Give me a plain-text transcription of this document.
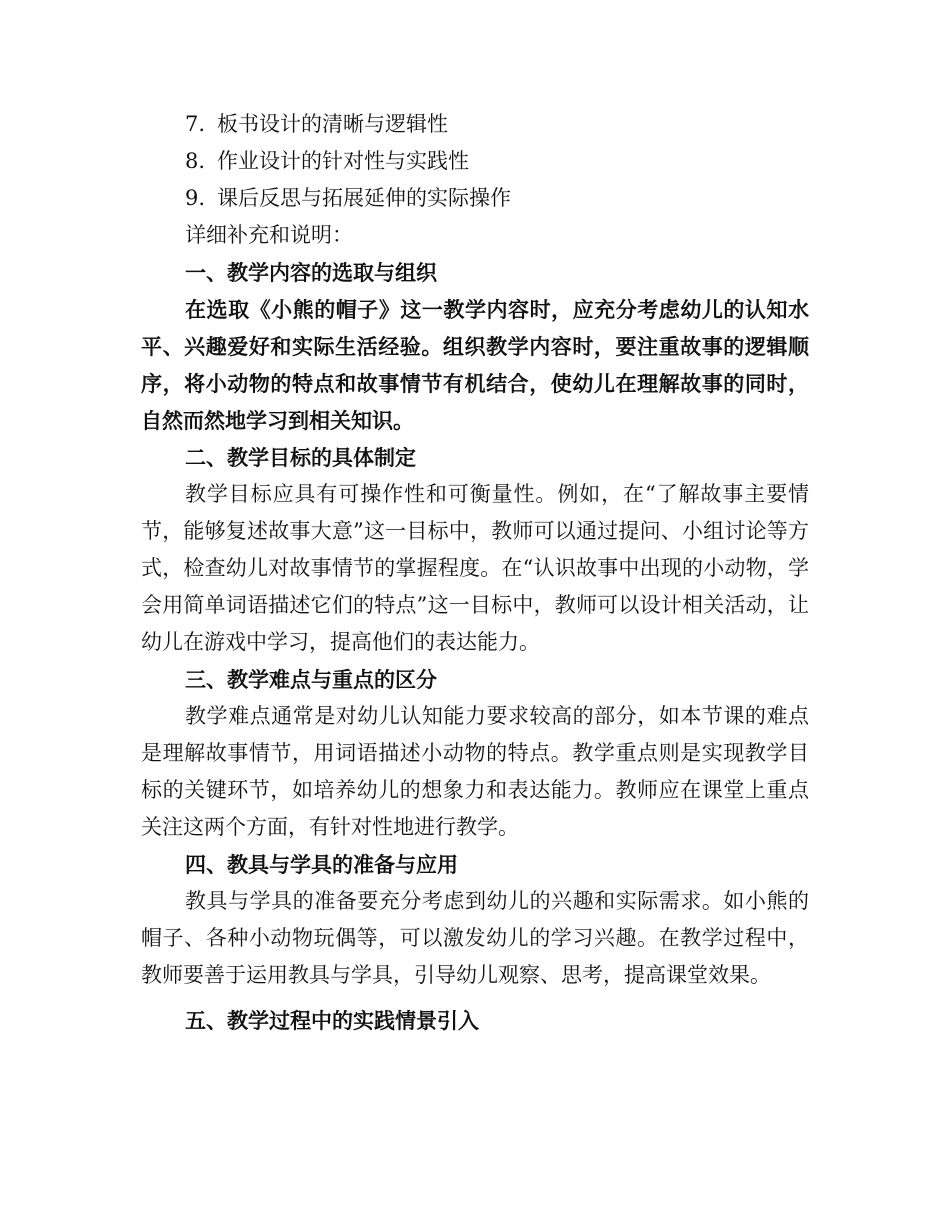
7. 板书设计的清晰与逻辑性

8. 作业设计的针对性与实践性

9. 课后反思与拓展延伸的实际操作

详细补充和说明：

一、教学内容的选取与组织

在选取《小熊的帽子》这一教学内容时，应充分考虑幼儿的认知水平、兴趣爱好和实际生活经验。组织教学内容时，要注重故事的逻辑顺序，将小动物的特点和故事情节有机结合，使幼儿在理解故事的同时，自然而然地学习到相关知识。

二、教学目标的具体制定

教学目标应具有可操作性和可衡量性。例如，在“了解故事主要情节，能够复述故事大意”这一目标中，教师可以通过提问、小组讨论等方式，检查幼儿对故事情节的掌握程度。在“认识故事中出现的小动物，学会用简单词语描述它们的特点”这一目标中，教师可以设计相关活动，让幼儿在游戏中学习，提高他们的表达能力。

三、教学难点与重点的区分

教学难点通常是对幼儿认知能力要求较高的部分，如本节课的难点是理解故事情节，用词语描述小动物的特点。教学重点则是实现教学目标的关键环节，如培养幼儿的想象力和表达能力。教师应在课堂上重点关注这两个方面，有针对性地进行教学。

四、教具与学具的准备与应用

教具与学具的准备要充分考虑到幼儿的兴趣和实际需求。如小熊的帽子、各种小动物玩偶等，可以激发幼儿的学习兴趣。在教学过程中，教师要善于运用教具与学具，引导幼儿观察、思考，提高课堂效果。

五、教学过程中的实践情景引入
